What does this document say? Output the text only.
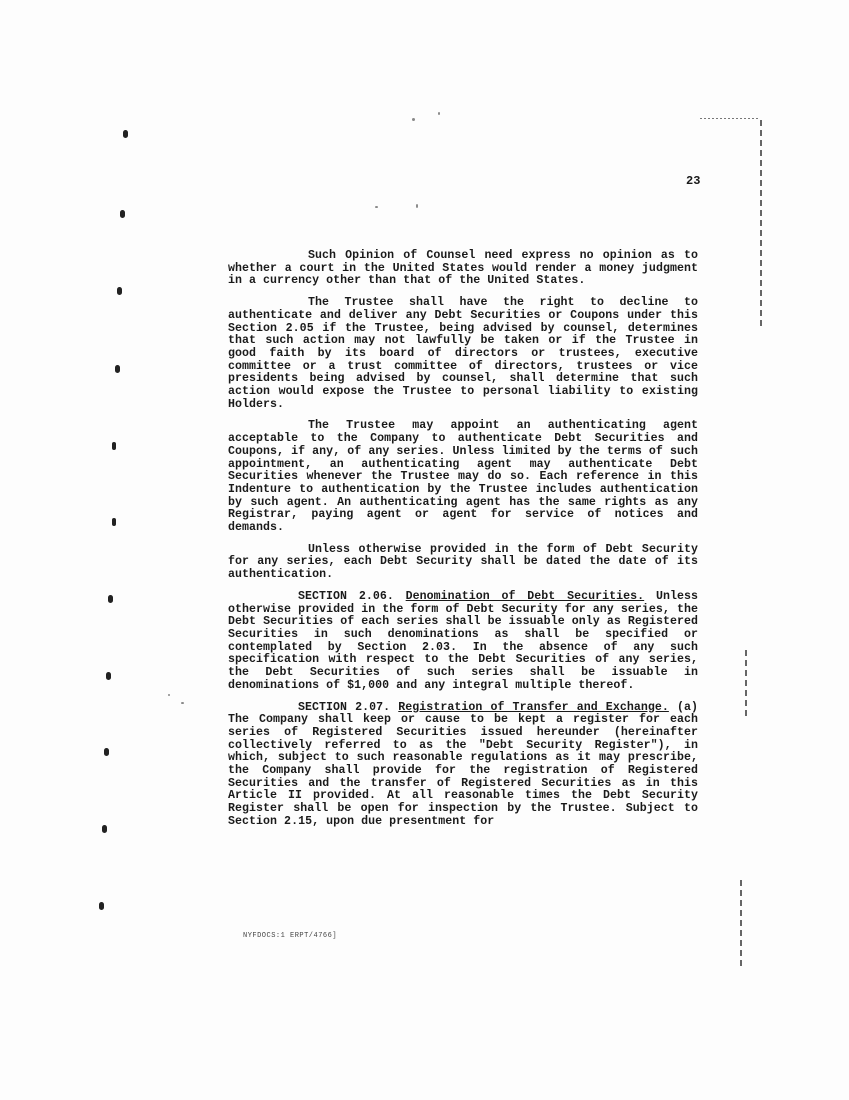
23

Such Opinion of Counsel need express no opinion as to whether a court in the United States would render a money judgment in a currency other than that of the United States.

The Trustee shall have the right to decline to authenticate and deliver any Debt Securities or Coupons under this Section 2.05 if the Trustee, being advised by counsel, determines that such action may not lawfully be taken or if the Trustee in good faith by its board of directors or trustees, executive committee or a trust committee of directors, trustees or vice presidents being advised by counsel, shall determine that such action would expose the Trustee to personal liability to existing Holders.

The Trustee may appoint an authenticating agent acceptable to the Company to authenticate Debt Securities and Coupons, if any, of any series. Unless limited by the terms of such appointment, an authenticating agent may authenticate Debt Securities whenever the Trustee may do so. Each reference in this Indenture to authentication by the Trustee includes authentication by such agent. An authenticating agent has the same rights as any Registrar, paying agent or agent for service of notices and demands.

Unless otherwise provided in the form of Debt Security for any series, each Debt Security shall be dated the date of its authentication.

SECTION 2.06. Denomination of Debt Securities. Unless otherwise provided in the form of Debt Security for any series, the Debt Securities of each series shall be issuable only as Registered Securities in such denominations as shall be specified or contemplated by Section 2.03. In the absence of any such specification with respect to the Debt Securities of any series, the Debt Securities of such series shall be issuable in denominations of $1,000 and any integral multiple thereof.

SECTION 2.07. Registration of Transfer and Exchange. (a) The Company shall keep or cause to be kept a register for each series of Registered Securities issued hereunder (hereinafter collectively referred to as the "Debt Security Register"), in which, subject to such reasonable regulations as it may prescribe, the Company shall provide for the registration of Registered Securities and the transfer of Registered Securities as in this Article II provided. At all reasonable times the Debt Security Register shall be open for inspection by the Trustee. Subject to Section 2.15, upon due presentment for

NYFDOCS:1 ERPT/4766]
